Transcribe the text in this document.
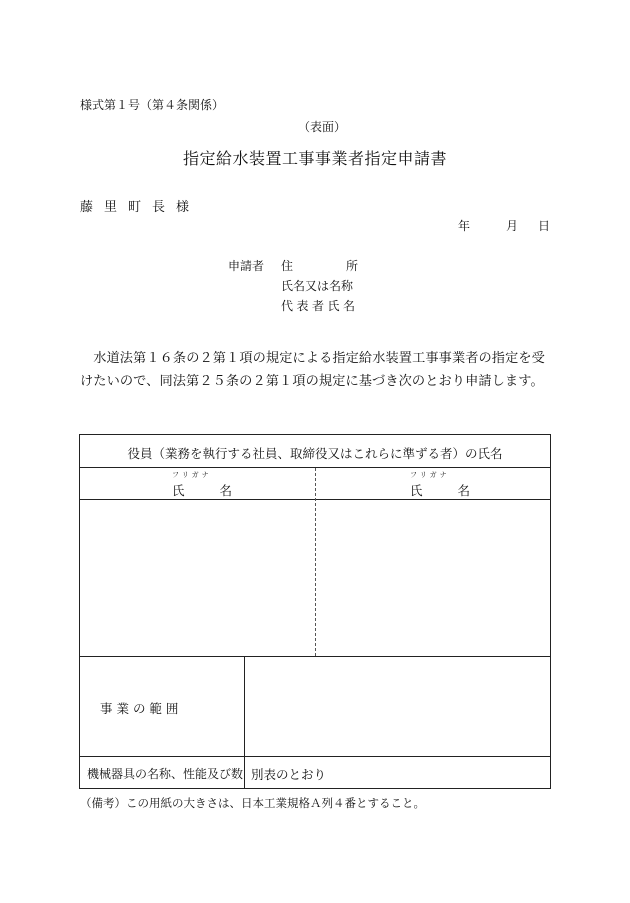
様式第１号（第４条関係）
（表面）
指定給水装置工事事業者指定申請書
藤里町長様
年	月 日
申請者 住	所
氏名又は名称
代表者氏名
水道法第１６条の２第１項の規定による指定給水装置工事事業者の指定を受けたいので、同法第２５条の２第１項の規定に基づき次のとおり申請します。
役員（業務を執行する社員、取締役又はこれらに準ずる者）の氏名
フリガナ
氏	名
フリガナ
氏	名
事 業 の 範 囲
機械器具の名称、性能及び数 別表のとおり
（備考）この用紙の大きさは、日本工業規格Ａ列４番とすること。
